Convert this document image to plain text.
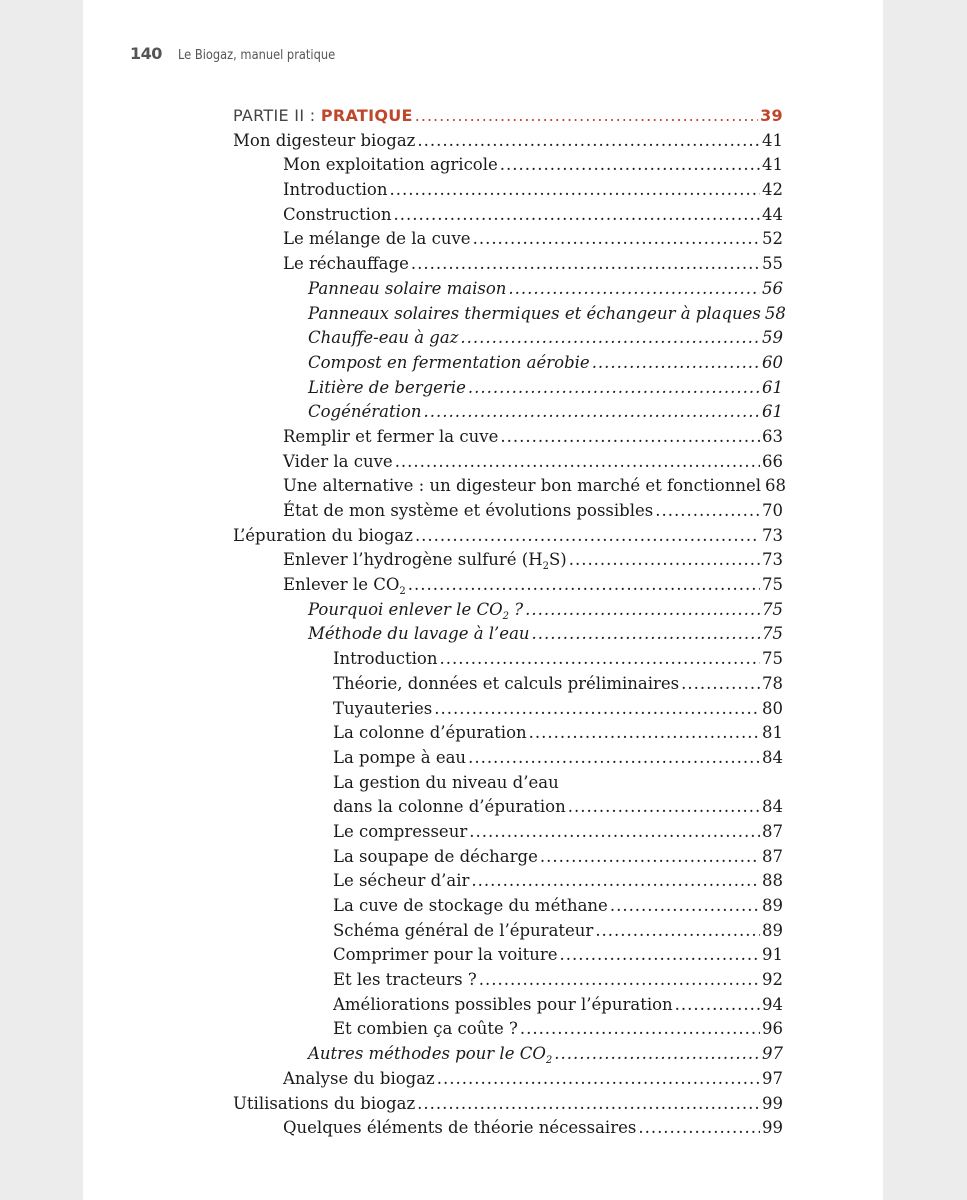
140 Le Biogaz, manuel pratique
PARTIE II : PRATIQUE .....	39
Mon digesteur biogaz .....	41
Mon exploitation agricole .....	41
Introduction .....	42
Construction .....	44
Le mélange de la cuve .....	52
Le réchauffage .....	55
Panneau solaire maison .....	56
Panneaux solaires thermiques et échangeur à plaques 58
Chauffe-eau à gaz .....	59
Compost en fermentation aérobie .....	60
Litière de bergerie .....	61
Cogénération .....	61
Remplir et fermer la cuve .....	63
Vider la cuve .....	66
Une alternative : un digesteur bon marché et fonctionnel 68
État de mon système et évolutions possibles .....	70
L’épuration du biogaz .....	73
Enlever l’hydrogène sulfuré $(H_2S)$ .....	73
Enlever le $CO_2$ .....	75
Pourquoi enlever le $CO_2$ ? .....	75
Méthode du lavage à l’eau .....	75
Introduction .....	75
Théorie, données et calculs préliminaires .....	78
Tuyauteries .....	80
La colonne d’épuration .....	81
La pompe à eau .....	84
La gestion du niveau d’eau
dans la colonne d’épuration .....	84
Le compresseur .....	87
La soupape de décharge .....	87
Le sécheur d’air .....	88
La cuve de stockage du méthane .....	89
Schéma général de l’épurateur .....	89
Comprimer pour la voiture .....	91
Et les tracteurs ? .....	92
Améliorations possibles pour l’épuration .....	94
Et combien ça coûte ? .....	96
Autres méthodes pour le $CO_2$ .....	97
Analyse du biogaz .....	97
Utilisations du biogaz .....	99
Quelques éléments de théorie nécessaires .....	99
